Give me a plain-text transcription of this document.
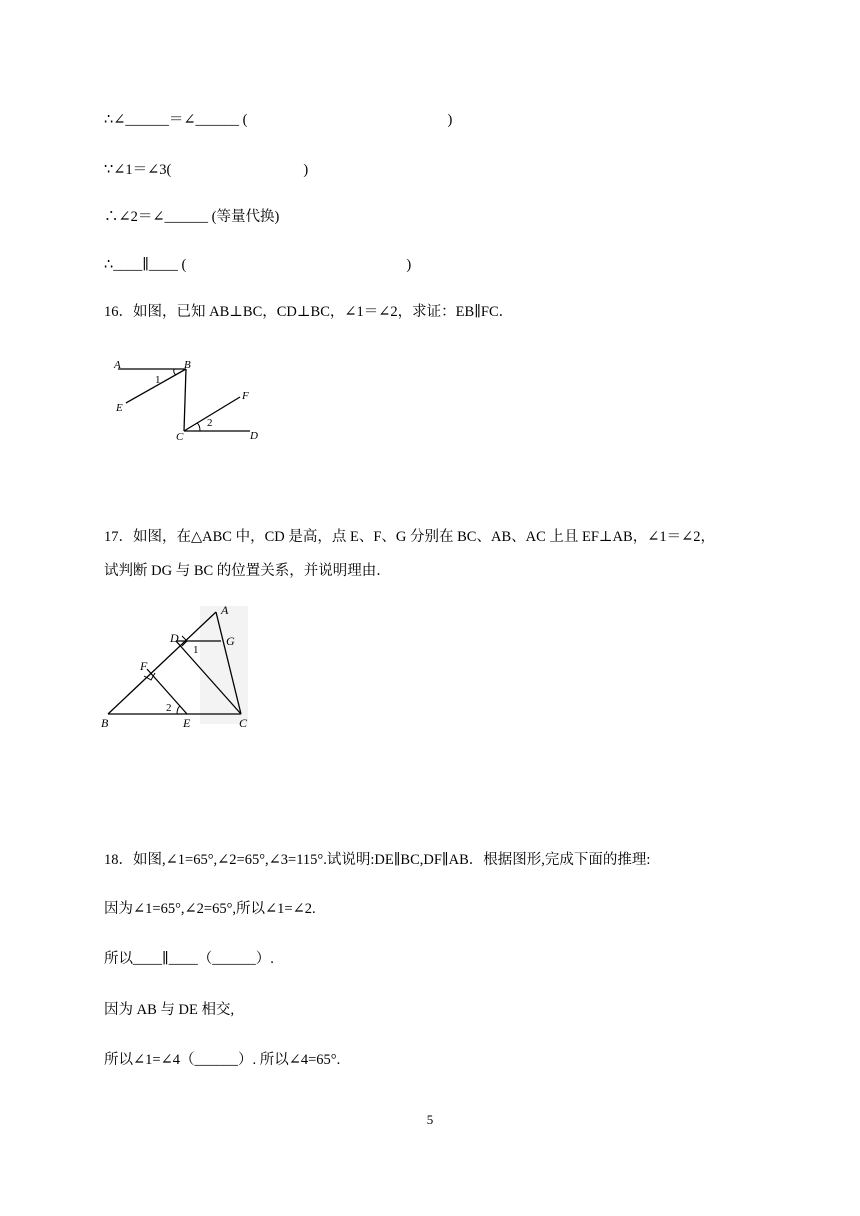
∴∠______＝∠______ (	)
∵∠1＝∠3(	)
∴∠2＝∠______ (等量代换)
∴____∥____ (	)
16．如图，已知 AB⊥BC，CD⊥BC，∠1＝∠2，求证：EB∥FC．
A	B
C	D
E
F
1
2
17．如图，在△ABC 中，CD 是高，点 E、F、G 分别在 BC、AB、AC 上且 EF⊥AB，∠1＝∠2，
试判断 DG 与 BC 的位置关系，并说明理由．
A
D	G
F
B	E	C
1
2
18．如图,∠1=65°,∠2=65°,∠3=115°.试说明:DE∥BC,DF∥AB．根据图形,完成下面的推理:
因为∠1=65°,∠2=65°,所以∠1=∠2.
所以____∥____（______）.
因为 AB 与 DE 相交,
所以∠1=∠4（______）. 所以∠4=65°.
5
